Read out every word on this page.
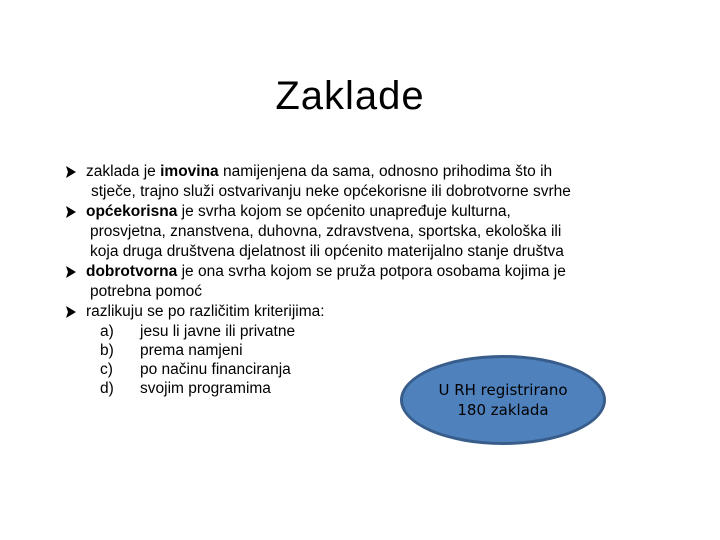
Zaklade
zaklada je imovina namijenjena da sama, odnosno prihodima što ih
stječe, trajno služi ostvarivanju neke općekorisne ili dobrotvorne svrhe
općekorisna je svrha kojom se općenito unapređuje kulturna,
prosvjetna, znanstvena, duhovna, zdravstvena, sportska, ekološka ili
koja druga društvena djelatnost ili općenito materijalno stanje društva
dobrotvorna je ona svrha kojom se pruža potpora osobama kojima je
potrebna pomoć
razlikuju se po različitim kriterijima:
a) jesu li javne ili privatne
b) prema namjeni
c) po načinu financiranja
d) svojim programima	U RH registrirano
180 zaklada
